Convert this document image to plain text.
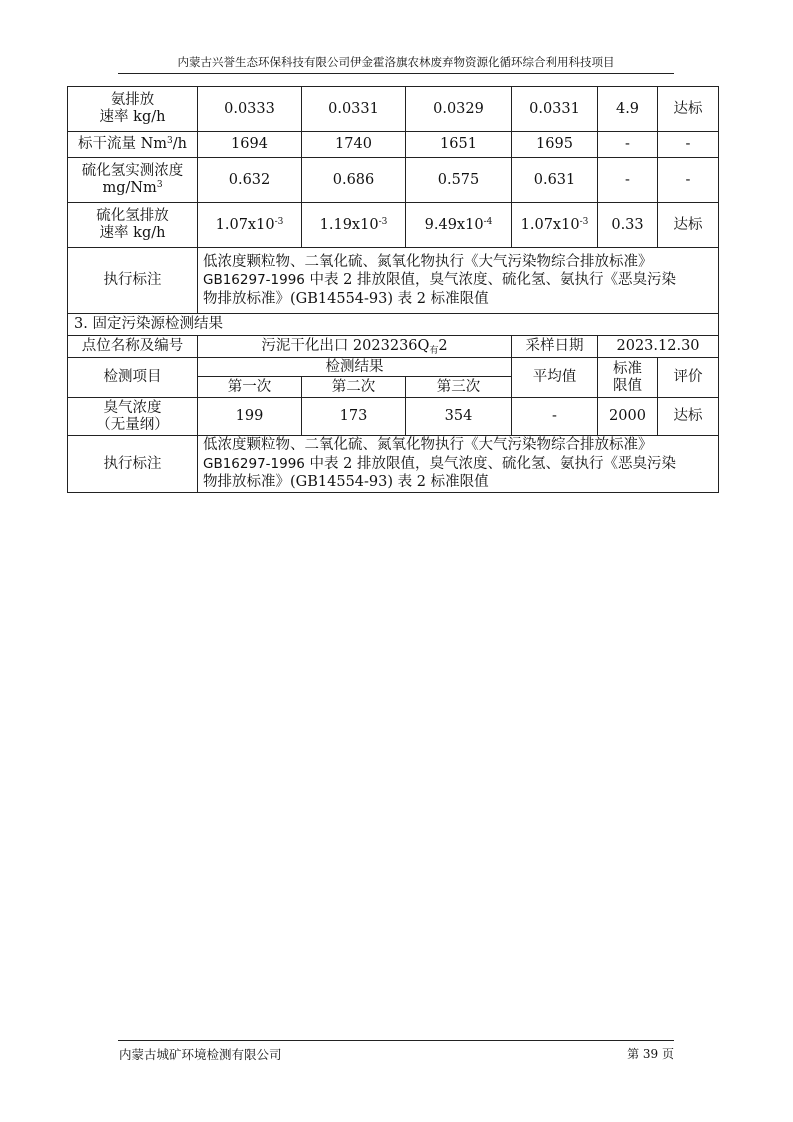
内蒙古兴誉生态环保科技有限公司伊金霍洛旗农林废弃物资源化循环综合利用科技项目
氨排放
速率 kg/h	0.0333	0.0331	0.0329	0.0331	4.9	达标
标干流量 Nm$^3$/h	1694	1740	1651	1695	-	-

硫化氢实测浓度
mg/Nm$^3$	0.632	0.686	0.575	0.631	-	-

硫化氢排放
速率 kg/h	$1.07x10^{-3}$	$1.19x10^{-3}$	$9.49x10^{-4}$	$1.07x10^{-3}$	0.33	达标
执行标注	低浓度颗粒物、二氧化硫、氮氧化物执行《大气污染物综合排放标准》
GB16297-1996 中表 2 排放限值，臭气浓度、硫化氢、氨执行《恶臭污染
物排放标准》(GB14554-93) 表 2 标准限值					
3. 固定污染源检测结果						
点位名称及编号	污泥干化出口 $2023236Q_有2$			采样日期	2023.12.30	
检测项目	检测结果			平均值	标准
限值	评价
	第一次	第二次	第三次			

臭气浓度
（无量纲）	199	173	354	-	2000	达标
执行标注	低浓度颗粒物、二氧化硫、氮氧化物执行《大气污染物综合排放标准》
GB16297-1996 中表 2 排放限值，臭气浓度、硫化氢、氨执行《恶臭污染
物排放标准》(GB14554-93) 表 2 标准限值					
内蒙古城矿环境检测有限公司	第 39 页
